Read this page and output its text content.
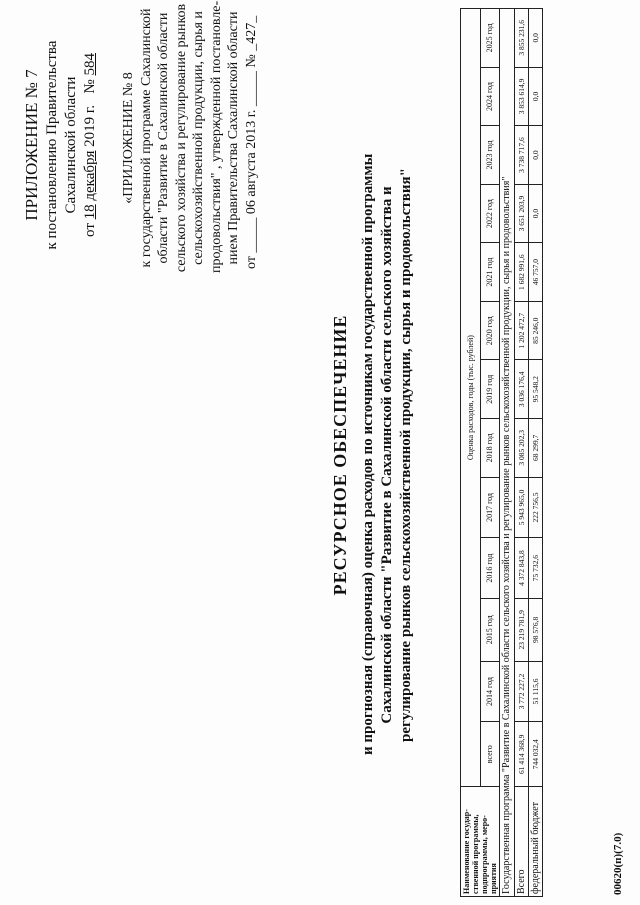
ПРИЛОЖЕНИЕ № 7 к постановлению Правительства Сахалинской области
от 18 декабря 2019 г.   № 584
«ПРИЛОЖЕНИЕ № 8 к государственной программе Сахалинской области "Развитие в Сахалинской области сельского хозяйства и регулирование рынков сельскохозяйственной продукции, сырья и продовольствия" , утвержденной постановле- нием Правительства Сахалинской области от _____ 06 августа 2013 г. _____ № _427_
РЕСУРСНОЕ ОБЕСПЕЧЕНИЕ и прогнозная (справочная) оценка расходов по источникам государственной программы Сахалинской области "Развитие в Сахалинской области сельского хозяйства и регулирование рынков сельскохозяйственной продукции, сырья и продовольствия"
Наименование государ-ственной программы, подпрограммы, меро-приятия	Оценка расходов, годы (тыс. рублей)												
	всего	2014 год	2015 год	2016 год	2017 год	2018 год	2019 год	2020 год	2021 год	2022 год	2023 год	2024 год	2025 год
Государственная программа "Развитие в Сахалинской области сельского хозяйства и регулирование рынков сельскохозяйственной продукции, сырья и продовольствия"													
Всего	61 414 368,9	3 772 227,2	23 219 781,9	4 372 843,8	5 943 965,0	3 085 202,3	3 036 176,4	1 202 472,7	1 682 991,6	3 651 203,9	3 738 717,6	3 853 614,9	3 855 231,6
федеральный бюджет	744 032,4	51 115,6	98 576,8	75 732,6	222 756,5	68 299,7	95 548,2	85 246,0	46 757,0	0,0	0,0	0,0	0,0
00620(п)(7.0)
